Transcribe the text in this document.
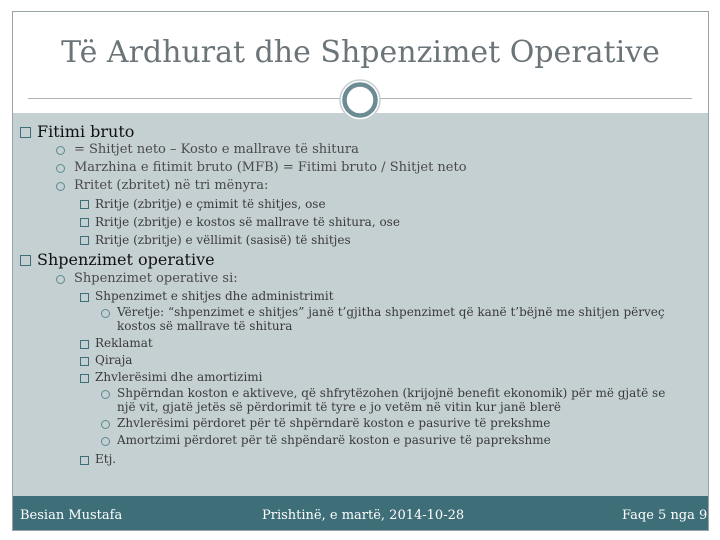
Të Ardhurat dhe Shpenzimet Operative
Fitimi bruto
= Shitjet neto – Kosto e mallrave të shitura
Marzhina e fitimit bruto (MFB) = Fitimi bruto / Shitjet neto
Rritet (zbritet) në tri mënyra:
Rritje (zbritje) e çmimit të shitjes, ose
Rritje (zbritje) e kostos së mallrave të shitura, ose
Rritje (zbritje) e vëllimit (sasisë) të shitjes
Shpenzimet operative
Shpenzimet operative si:
Shpenzimet e shitjes dhe administrimit
Vëretje: “shpenzimet e shitjes” janë t’gjitha shpenzimet që kanë t’bëjnë me shitjen përveç
kostos së mallrave të shitura
Reklamat
Qiraja
Zhvlerësimi dhe amortizimi
Shpërndan koston e aktiveve, që shfrytëzohen (krijojnë benefit ekonomik) për më gjatë se
një vit, gjatë jetës së përdorimit të tyre e jo vetëm në vitin kur janë blerë
Zhvlerësimi përdoret për të shpërndarë koston e pasurive të prekshme
Amortzimi përdoret për të shpëndarë koston e pasurive të paprekshme
Etj.
Besian Mustafa	Prishtinë, e martë, 2014-10-28	Faqe 5 nga 9
